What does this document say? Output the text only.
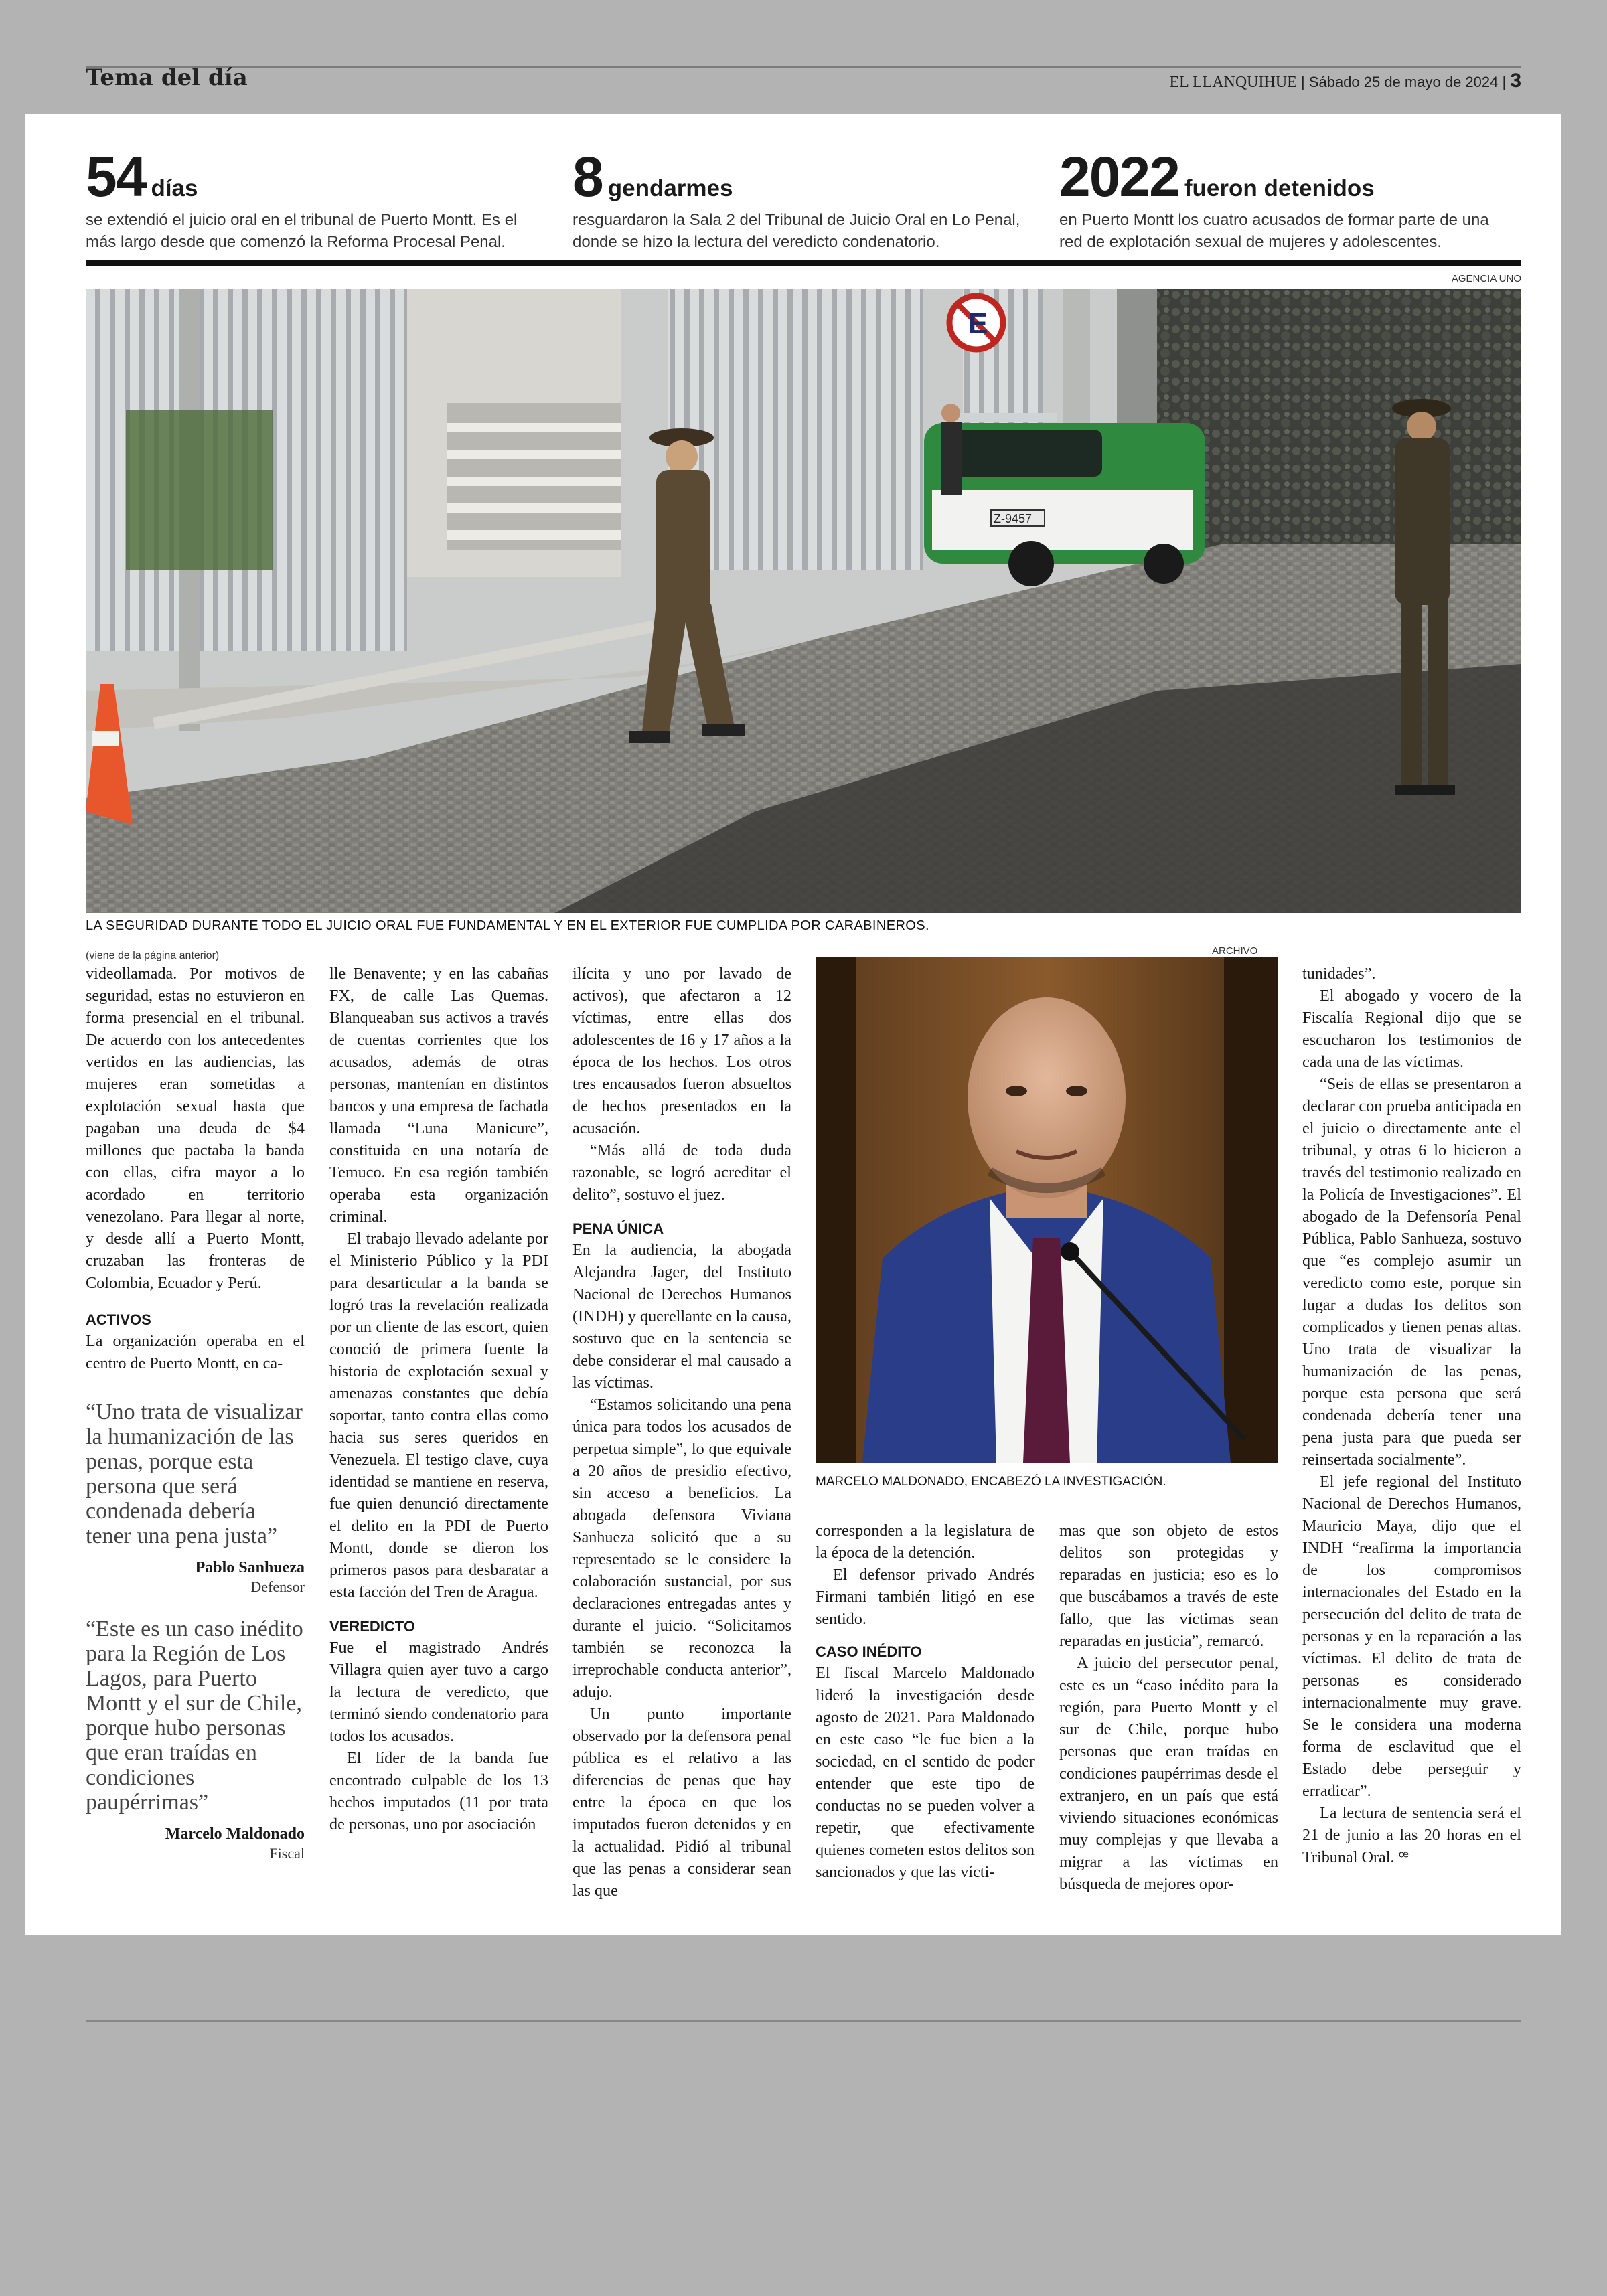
Tema del día	EL LLANQUIHUE | Sábado 25 de mayo de 2024 | 3
54 días
se extendió el juicio oral en el tribunal de Puerto Montt. Es el más largo desde que comenzó la Reforma Procesal Penal.
8 gendarmes
resguardaron la Sala 2 del Tribunal de Juicio Oral en Lo Penal, donde se hizo la lectura del veredicto condenatorio.
2022 fueron detenidos
en Puerto Montt los cuatro acusados de formar parte de una red de explotación sexual de mujeres y adolescentes.
AGENCIA UNO
E
Z-9457
LA SEGURIDAD DURANTE TODO EL JUICIO ORAL FUE FUNDAMENTAL Y EN EL EXTERIOR FUE CUMPLIDA POR CARABINEROS.
(viene de la página anterior)

videollamada. Por motivos de seguridad, estas no estuvieron en forma presencial en el tribunal. De acuerdo con los antecedentes vertidos en las audiencias, las mujeres eran sometidas a explotación sexual hasta que pagaban una deuda de $4 millones que pactaba la banda con ellas, cifra mayor a lo acordado en territorio venezolano. Para llegar al norte, y desde allí a Puerto Montt, cruzaban las fronteras de Colombia, Ecuador y Perú.

ACTIVOS

La organización operaba en el centro de Puerto Montt, en ca-

“Uno trata de visualizar la humanización de las penas, porque esta persona que será condenada debería tener una pena justa”
Pablo Sanhueza
Defensor
“Este es un caso inédito para la Región de Los Lagos, para Puerto Montt y el sur de Chile, porque hubo personas que eran traídas en condiciones paupérrimas”
Marcelo Maldonado
Fiscal

lle Benavente; y en las cabañas FX, de calle Las Quemas. Blanqueaban sus activos a través de cuentas corrientes que los acusados, además de otras personas, mantenían en distintos bancos y una empresa de fachada llamada “Luna Manicure”, constituida en una notaría de Temuco. En esa región también operaba esta organización criminal.

El trabajo llevado adelante por el Ministerio Público y la PDI para desarticular a la banda se logró tras la revelación realizada por un cliente de las escort, quien conoció de primera fuente la historia de explotación sexual y amenazas constantes que debía soportar, tanto contra ellas como hacia sus seres queridos en Venezuela. El testigo clave, cuya identidad se mantiene en reserva, fue quien denunció directamente el delito en la PDI de Puerto Montt, donde se dieron los primeros pasos para desbaratar a esta facción del Tren de Aragua.

VEREDICTO

Fue el magistrado Andrés Villagra quien ayer tuvo a cargo la lectura de veredicto, que terminó siendo condenatorio para todos los acusados.

El líder de la banda fue encontrado culpable de los 13 hechos imputados (11 por trata de personas, uno por asociación

ilícita y uno por lavado de activos), que afectaron a 12 víctimas, entre ellas dos adolescentes de 16 y 17 años a la época de los hechos. Los otros tres encausados fueron absueltos de hechos presentados en la acusación.

“Más allá de toda duda razonable, se logró acreditar el delito”, sostuvo el juez.

PENA ÚNICA

En la audiencia, la abogada Alejandra Jager, del Instituto Nacional de Derechos Humanos (INDH) y querellante en la causa, sostuvo que en la sentencia se debe considerar el mal causado a las víctimas.

“Estamos solicitando una pena única para todos los acusados de perpetua simple”, lo que equivale a 20 años de presidio efectivo, sin acceso a beneficios. La abogada defensora Viviana Sanhueza solicitó que a su representado se le considere la colaboración sustancial, por sus declaraciones entregadas antes y durante el juicio. “Solicitamos también se reconozca la irreprochable conducta anterior”, adujo.

Un punto importante observado por la defensora penal pública es el relativo a las diferencias de penas que hay entre la época en que los imputados fueron detenidos y en la actualidad. Pidió al tribunal que las penas a considerar sean las que

ARCHIVO
MARCELO MALDONADO, ENCABEZÓ LA INVESTIGACIÓN.

corresponden a la legislatura de la época de la detención.

El defensor privado Andrés Firmani también litigó en ese sentido.

CASO INÉDITO

El fiscal Marcelo Maldonado lideró la investigación desde agosto de 2021. Para Maldonado en este caso “le fue bien a la sociedad, en el sentido de poder entender que este tipo de conductas no se pueden volver a repetir, que efectivamente quienes cometen estos delitos son sancionados y que las vícti-

mas que son objeto de estos delitos son protegidas y reparadas en justicia; eso es lo que buscábamos a través de este fallo, que las víctimas sean reparadas en justicia”, remarcó.

A juicio del persecutor penal, este es un “caso inédito para la región, para Puerto Montt y el sur de Chile, porque hubo personas que eran traídas en condiciones paupérrimas desde el extranjero, en un país que está viviendo situaciones económicas muy complejas y que llevaba a migrar a las víctimas en búsqueda de mejores opor-

tunidades”.

El abogado y vocero de la Fiscalía Regional dijo que se escucharon los testimonios de cada una de las víctimas.

“Seis de ellas se presentaron a declarar con prueba anticipada en el juicio o directamente ante el tribunal, y otras 6 lo hicieron a través del testimonio realizado en la Policía de Investigaciones”. El abogado de la Defensoría Penal Pública, Pablo Sanhueza, sostuvo que “es complejo asumir un veredicto como este, porque sin lugar a dudas los delitos son complicados y tienen penas altas. Uno trata de visualizar la humanización de las penas, porque esta persona que será condenada debería tener una pena justa para que pueda ser reinsertada socialmente”.

El jefe regional del Instituto Nacional de Derechos Humanos, Mauricio Maya, dijo que el INDH “reafirma la importancia de los compromisos internacionales del Estado en la persecución del delito de trata de personas y en la reparación a las víctimas. El delito de trata de personas es considerado internacionalmente muy grave. Se le considera una moderna forma de esclavitud que el Estado debe perseguir y erradicar”.

La lectura de sentencia será el 21 de junio a las 20 horas en el Tribunal Oral. ꟹ
